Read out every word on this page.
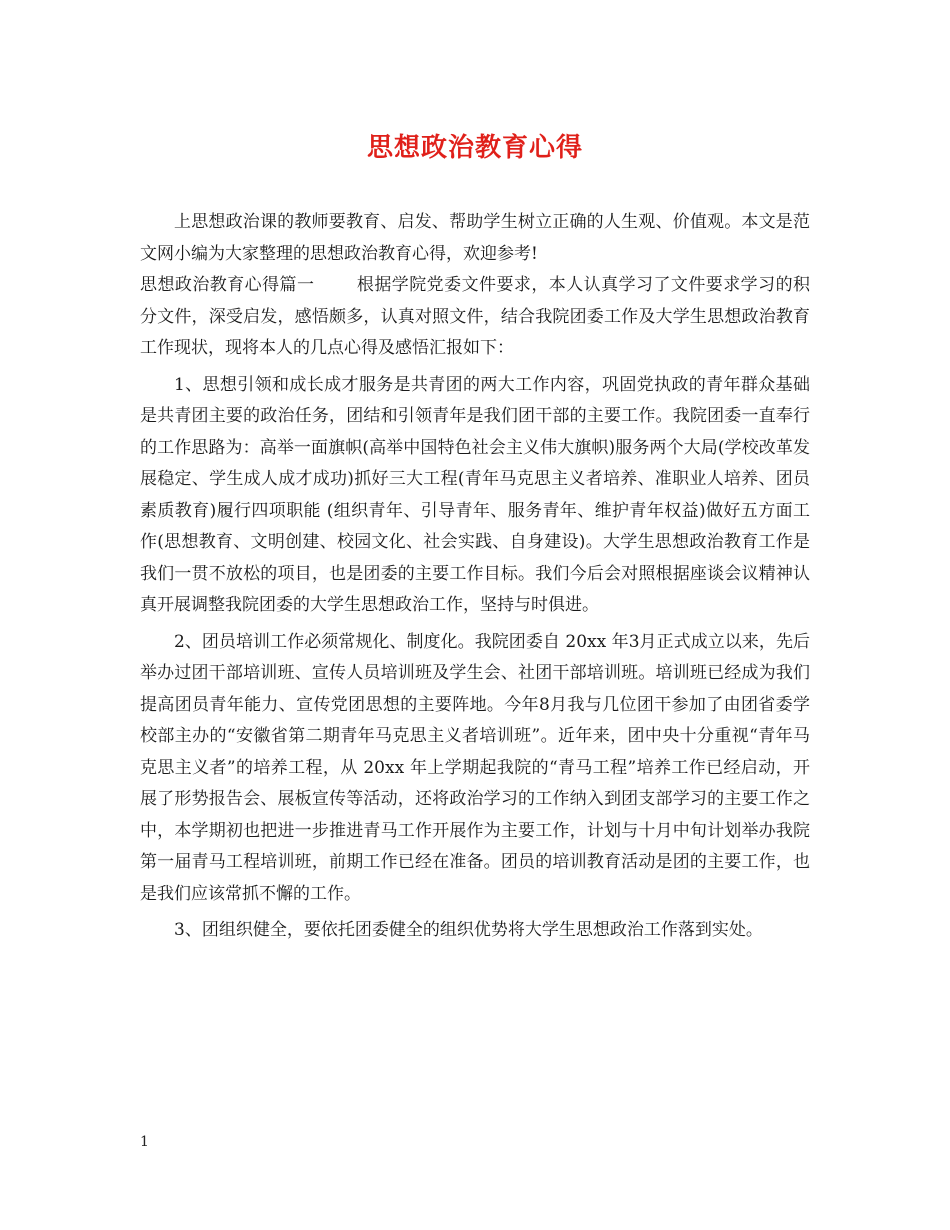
思想政治教育心得

上思想政治课的教师要教育、启发、帮助学生树立正确的人生观、价值观。本文是范文网小编为大家整理的思想政治教育心得，欢迎参考!

思想政治教育心得篇一 根据学院党委文件要求，本人认真学习了文件要求学习的积分文件，深受启发，感悟颇多，认真对照文件，结合我院团委工作及大学生思想政治教育工作现状，现将本人的几点心得及感悟汇报如下：

1、思想引领和成长成才服务是共青团的两大工作内容，巩固党执政的青年群众基础是共青团主要的政治任务，团结和引领青年是我们团干部的主要工作。我院团委一直奉行的工作思路为：高举一面旗帜(高举中国特色社会主义伟大旗帜)服务两个大局(学校改革发展稳定、学生成人成才成功)抓好三大工程(青年马克思主义者培养、准职业人培养、团员素质教育)履行四项职能 (组织青年、引导青年、服务青年、维护青年权益)做好五方面工作(思想教育、文明创建、校园文化、社会实践、自身建设)。大学生思想政治教育工作是我们一贯不放松的项目，也是团委的主要工作目标。我们今后会对照根据座谈会议精神认真开展调整我院团委的大学生思想政治工作，坚持与时俱进。

2、团员培训工作必须常规化、制度化。我院团委自 20xx 年3月正式成立以来，先后举办过团干部培训班、宣传人员培训班及学生会、社团干部培训班。培训班已经成为我们提高团员青年能力、宣传党团思想的主要阵地。今年8月我与几位团干参加了由团省委学校部主办的“安徽省第二期青年马克思主义者培训班”。近年来，团中央十分重视“青年马克思主义者”的培养工程，从 20xx 年上学期起我院的“青马工程”培养工作已经启动，开展了形势报告会、展板宣传等活动，还将政治学习的工作纳入到团支部学习的主要工作之中，本学期初也把进一步推进青马工作开展作为主要工作，计划与十月中旬计划举办我院第一届青马工程培训班，前期工作已经在准备。团员的培训教育活动是团的主要工作，也是我们应该常抓不懈的工作。

3、团组织健全，要依托团委健全的组织优势将大学生思想政治工作落到实处。

1
